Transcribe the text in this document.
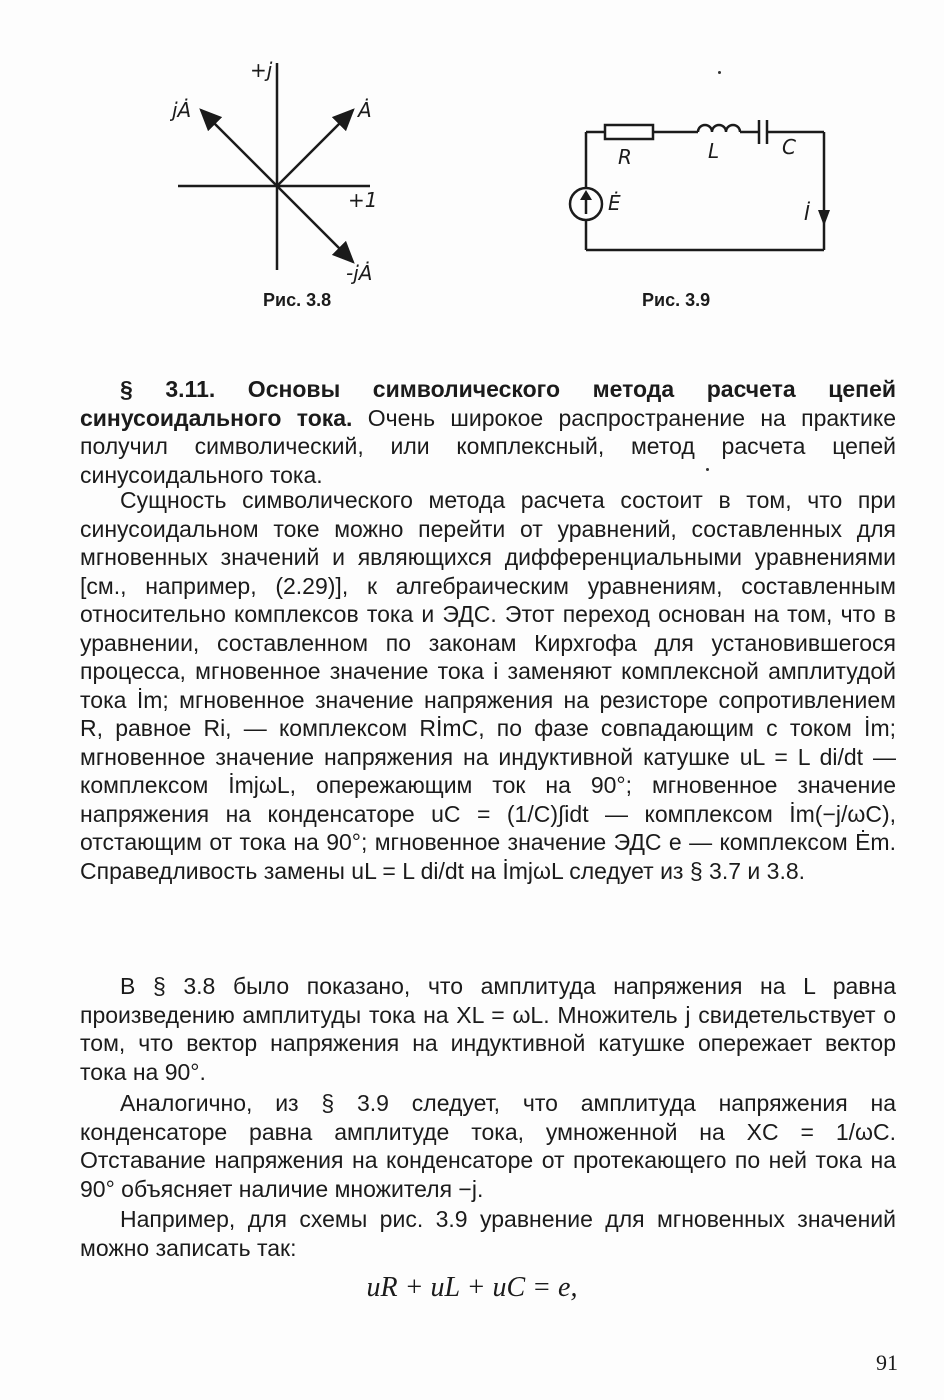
+j
jȦ	Ȧ
+1
-jȦ
Рис. 3.8
R	L	C
Ė	İ
Рис. 3.9
§ 3.11. Основы символического метода расчета цепей синусоидального тока. Очень широкое распространение на практике получил символический, или комплексный, метод расчета цепей синусоидального тока.
Сущность символического метода расчета состоит в том, что при синусоидальном токе можно перейти от уравнений, составленных для мгновенных значений и являющихся дифференциальными уравнениями [см., например, (2.29)], к алгебраическим уравнениям, составленным относительно комплексов тока и ЭДС. Этот переход основан на том, что в уравнении, составленном по законам Кирхгофа для установившегося процесса, мгновенное значение тока i заменяют комплексной амплитудой тока İm; мгновенное значение напряжения на резисторе сопротивлением R, равное Ri, — комплексом RİmС, по фазе совпадающим с током İm; мгновенное значение напряжения на индуктивной катушке uL = L di/dt — комплексом İmjωL, опережающим ток на 90°; мгновенное значение напряжения на конденсаторе uC = (1/C)∫idt — комплексом İm(−j/ωC), отстающим от тока на 90°; мгновенное значение ЭДС e — комплексом Ėm. Справедливость замены uL = L di/dt на İmjωL следует из § 3.7 и 3.8.
В § 3.8 было показано, что амплитуда напряжения на L равна произведению амплитуды тока на XL = ωL. Множитель j свидетельствует о том, что вектор напряжения на индуктивной катушке опережает вектор тока на 90°.
Аналогично, из § 3.9 следует, что амплитуда напряжения на конденсаторе равна амплитуде тока, умноженной на XC = 1/ωC. Отставание напряжения на конденсаторе от протекающего по ней тока на 90° объясняет наличие множителя −j.
Например, для схемы рис. 3.9 уравнение для мгновенных значений можно записать так:
uR + uL + uC = e,
91
